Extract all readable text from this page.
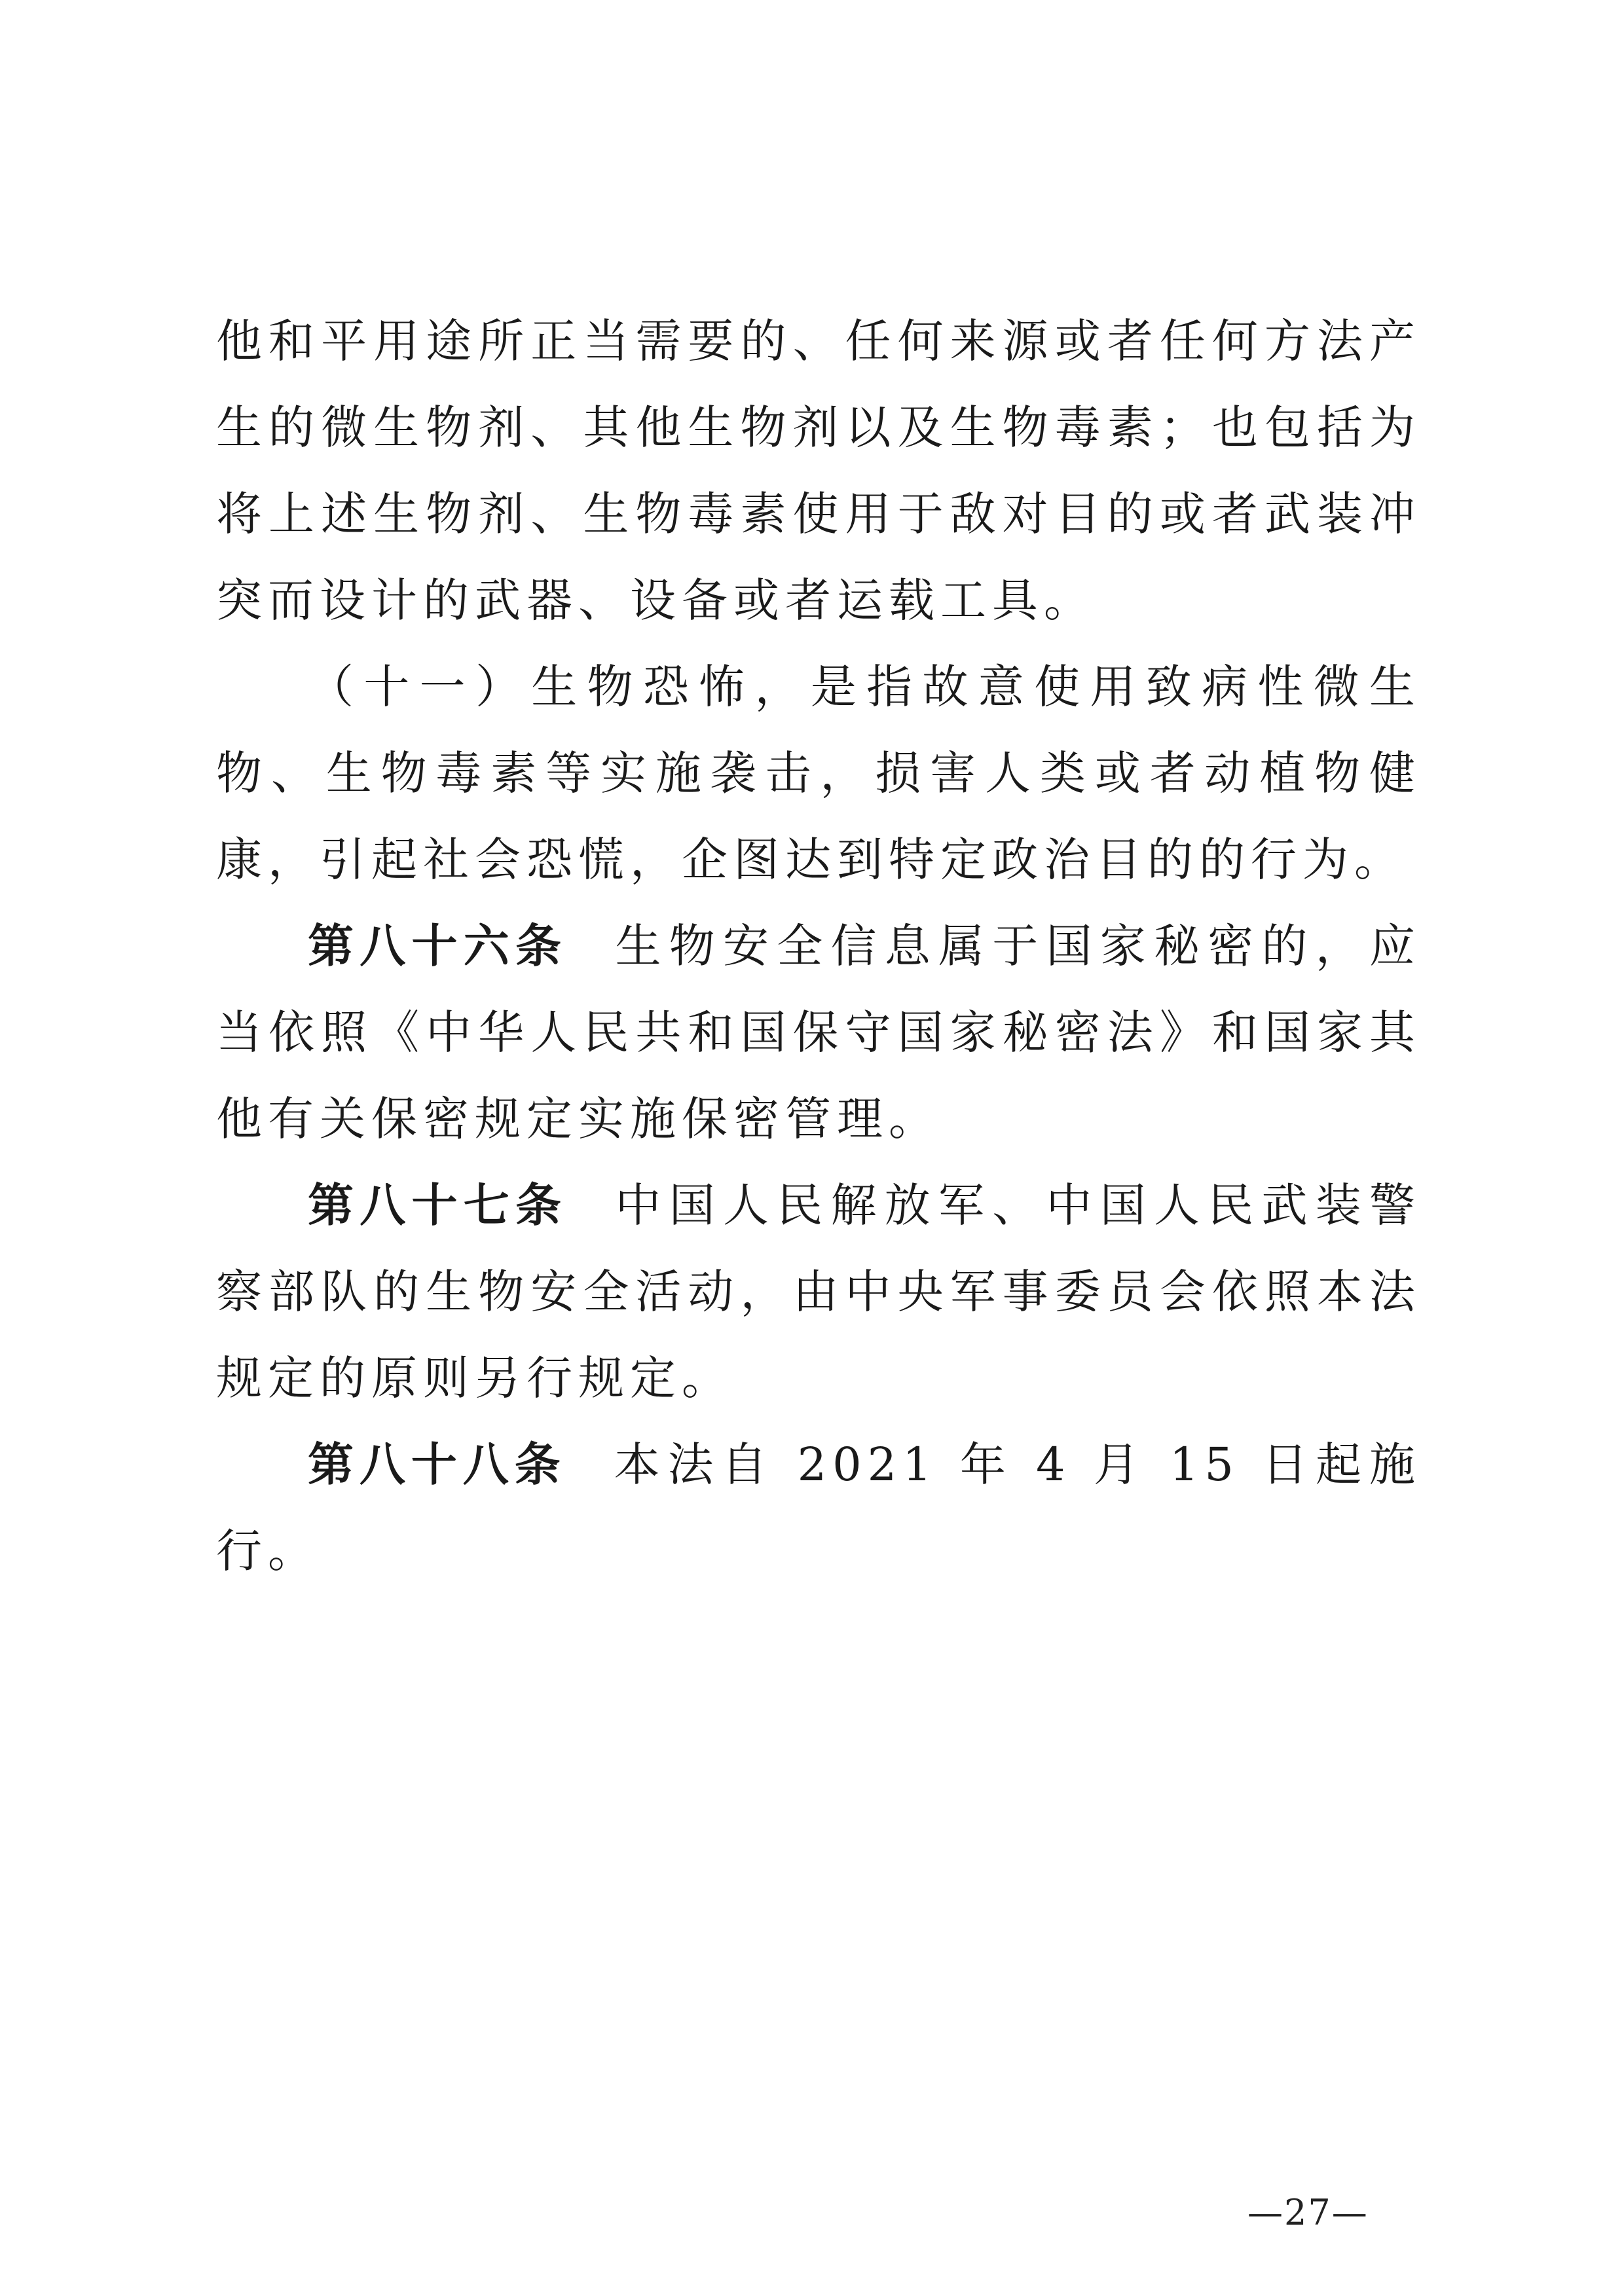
他和平用途所正当需要的、任何来源或者任何方法产生的微生物剂、其他生物剂以及生物毒素；也包括为将上述生物剂、生物毒素使用于敌对目的或者武装冲突而设计的武器、设备或者运载工具。

（十一）生物恐怖，是指故意使用致病性微生物、生物毒素等实施袭击，损害人类或者动植物健康，引起社会恐慌，企图达到特定政治目的的行为。

第八十六条 生物安全信息属于国家秘密的，应当依照《中华人民共和国保守国家秘密法》和国家其他有关保密规定实施保密管理。

第八十七条 中国人民解放军、中国人民武装警察部队的生物安全活动，由中央军事委员会依照本法规定的原则另行规定。

第八十八条 本法自 2021 年 4 月 15 日起施行。

—27—
